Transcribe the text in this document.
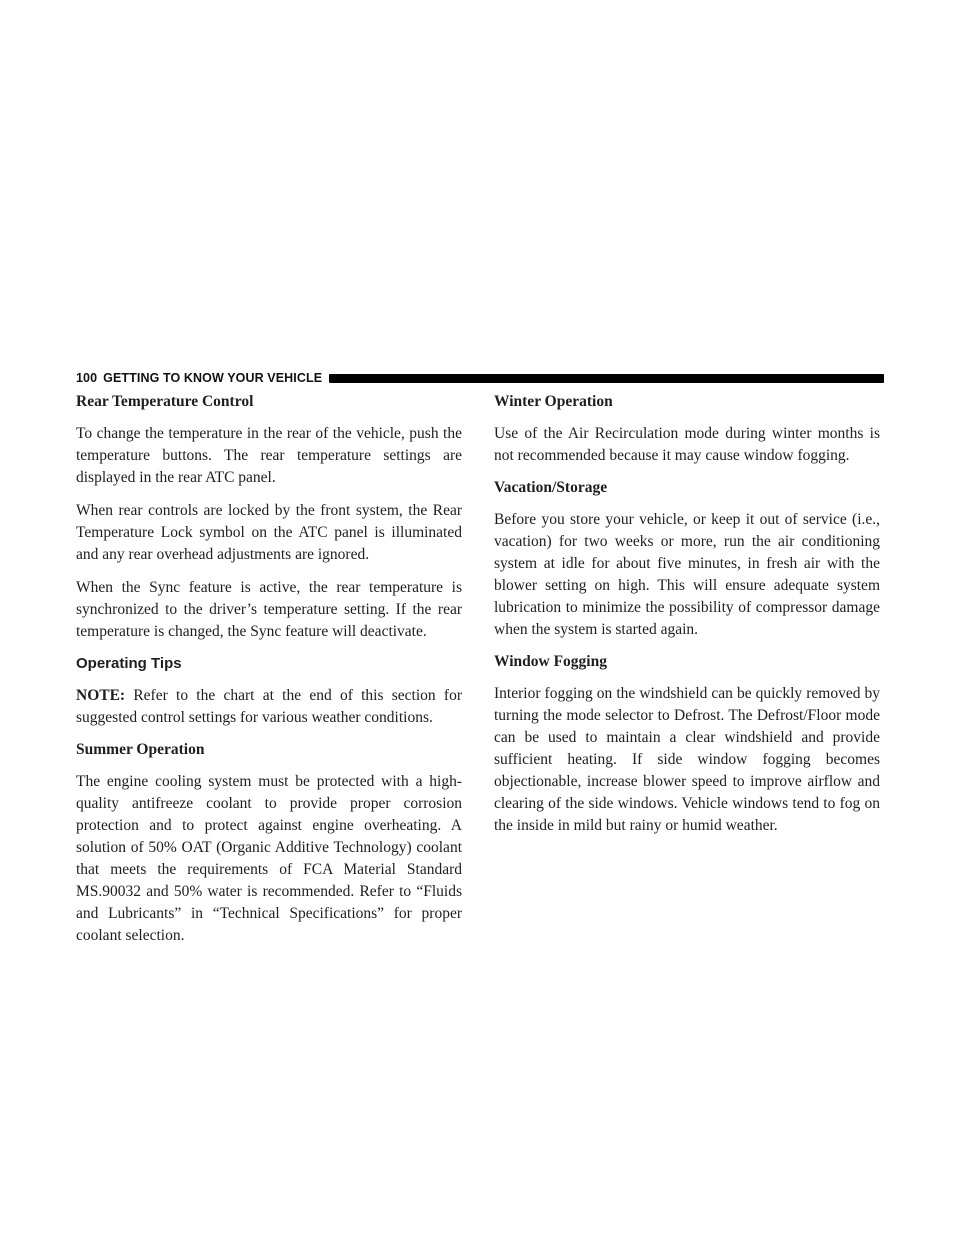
100 GETTING TO KNOW YOUR VEHICLE
Rear Temperature Control

To change the temperature in the rear of the vehicle, push the temperature buttons. The rear temperature settings are displayed in the rear ATC panel.

When rear controls are locked by the front system, the Rear Temperature Lock symbol on the ATC panel is illuminated and any rear overhead adjustments are ignored.

When the Sync feature is active, the rear temperature is synchronized to the driver’s temperature setting. If the rear temperature is changed, the Sync feature will deactivate.

Operating Tips

NOTE: Refer to the chart at the end of this section for suggested control settings for various weather conditions.

Summer Operation

The engine cooling system must be protected with a high-quality antifreeze coolant to provide proper corrosion protection and to protect against engine overheating. A solution of 50% OAT (Organic Additive Technology) coolant that meets the requirements of FCA Material Standard MS.90032 and 50% water is recommended. Refer to “Fluids and Lubricants” in “Technical Specifications” for proper coolant selection.

Winter Operation

Use of the Air Recirculation mode during winter months is not recommended because it may cause window fogging.

Vacation/Storage

Before you store your vehicle, or keep it out of service (i.e., vacation) for two weeks or more, run the air conditioning system at idle for about five minutes, in fresh air with the blower setting on high. This will ensure adequate system lubrication to minimize the possibility of compressor damage when the system is started again.

Window Fogging

Interior fogging on the windshield can be quickly removed by turning the mode selector to Defrost. The Defrost/Floor mode can be used to maintain a clear windshield and provide sufficient heating. If side window fogging becomes objectionable, increase blower speed to improve airflow and clearing of the side windows. Vehicle windows tend to fog on the inside in mild but rainy or humid weather.
